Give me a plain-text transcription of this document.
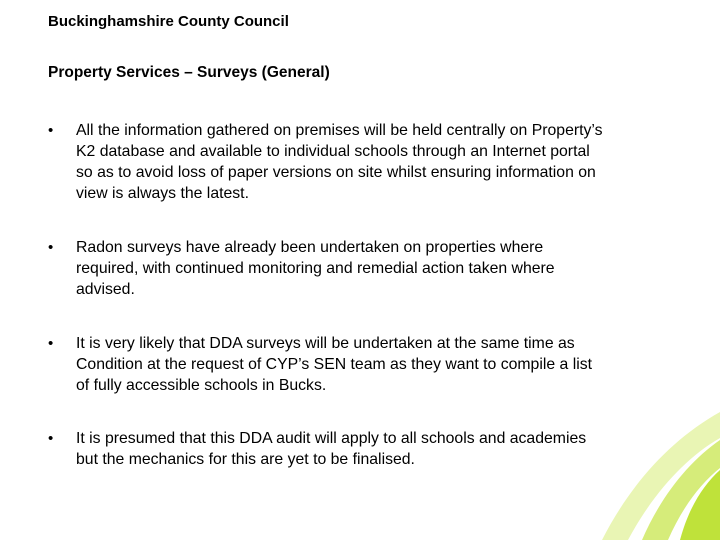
Buckinghamshire County Council
Property Services – Surveys (General)
•	All the information gathered on premises will be held centrally on Property’s
K2 database and available to individual schools through an Internet portal
so as to avoid loss of paper versions on site whilst ensuring information on
view is always the latest.
•	Radon surveys have already been undertaken on properties where
required, with continued monitoring and remedial action taken where
advised.
•	It is very likely that DDA surveys will be undertaken at the same time as
Condition at the request of CYP’s SEN team as they want to compile a list
of fully accessible schools in Bucks.
•	It is presumed that this DDA audit will apply to all schools and academies
but the mechanics for this are yet to be finalised.
